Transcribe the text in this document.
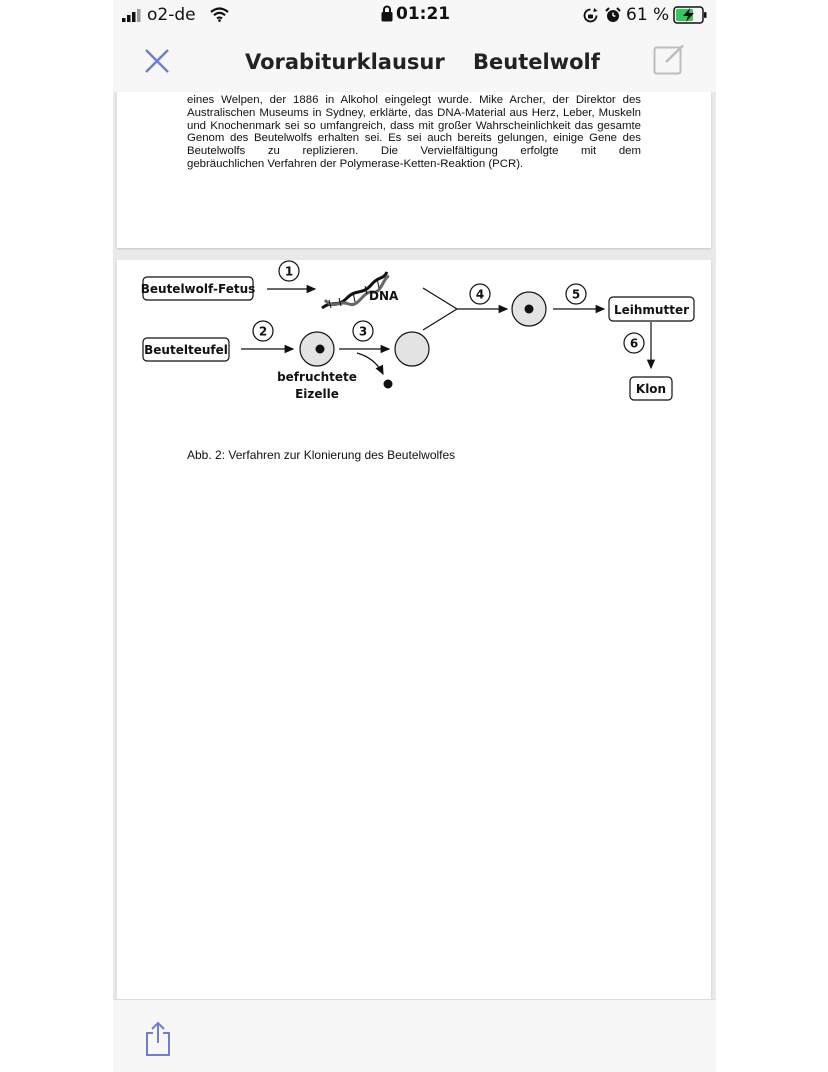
o2-de	01:21	61 %
Vorabiturklausur Beutelwolf
eines Welpen, der 1886 in Alkohol eingelegt wurde. Mike Archer, der Direktor des Australischen Museums in Sydney, erklärte, das DNA-Material aus Herz, Leber, Muskeln und Knochenmark sei so umfangreich, dass mit großer Wahrscheinlichkeit das gesamte Genom des Beutelwolfs erhalten sei. Es sei auch bereits gelungen, einige Gene des Beutelwolfs zu replizieren. Die Vervielfältigung erfolgte mit dem
gebräuchlichen Verfahren der Polymerase-Ketten-Reaktion (PCR).
Beutelwolf-Fetus
1
DNA
Beutelteufel
2
befruchtete
Eizelle
3
4	5
Leihmutter
6
Klon
Abb. 2: Verfahren zur Klonierung des Beutelwolfes
